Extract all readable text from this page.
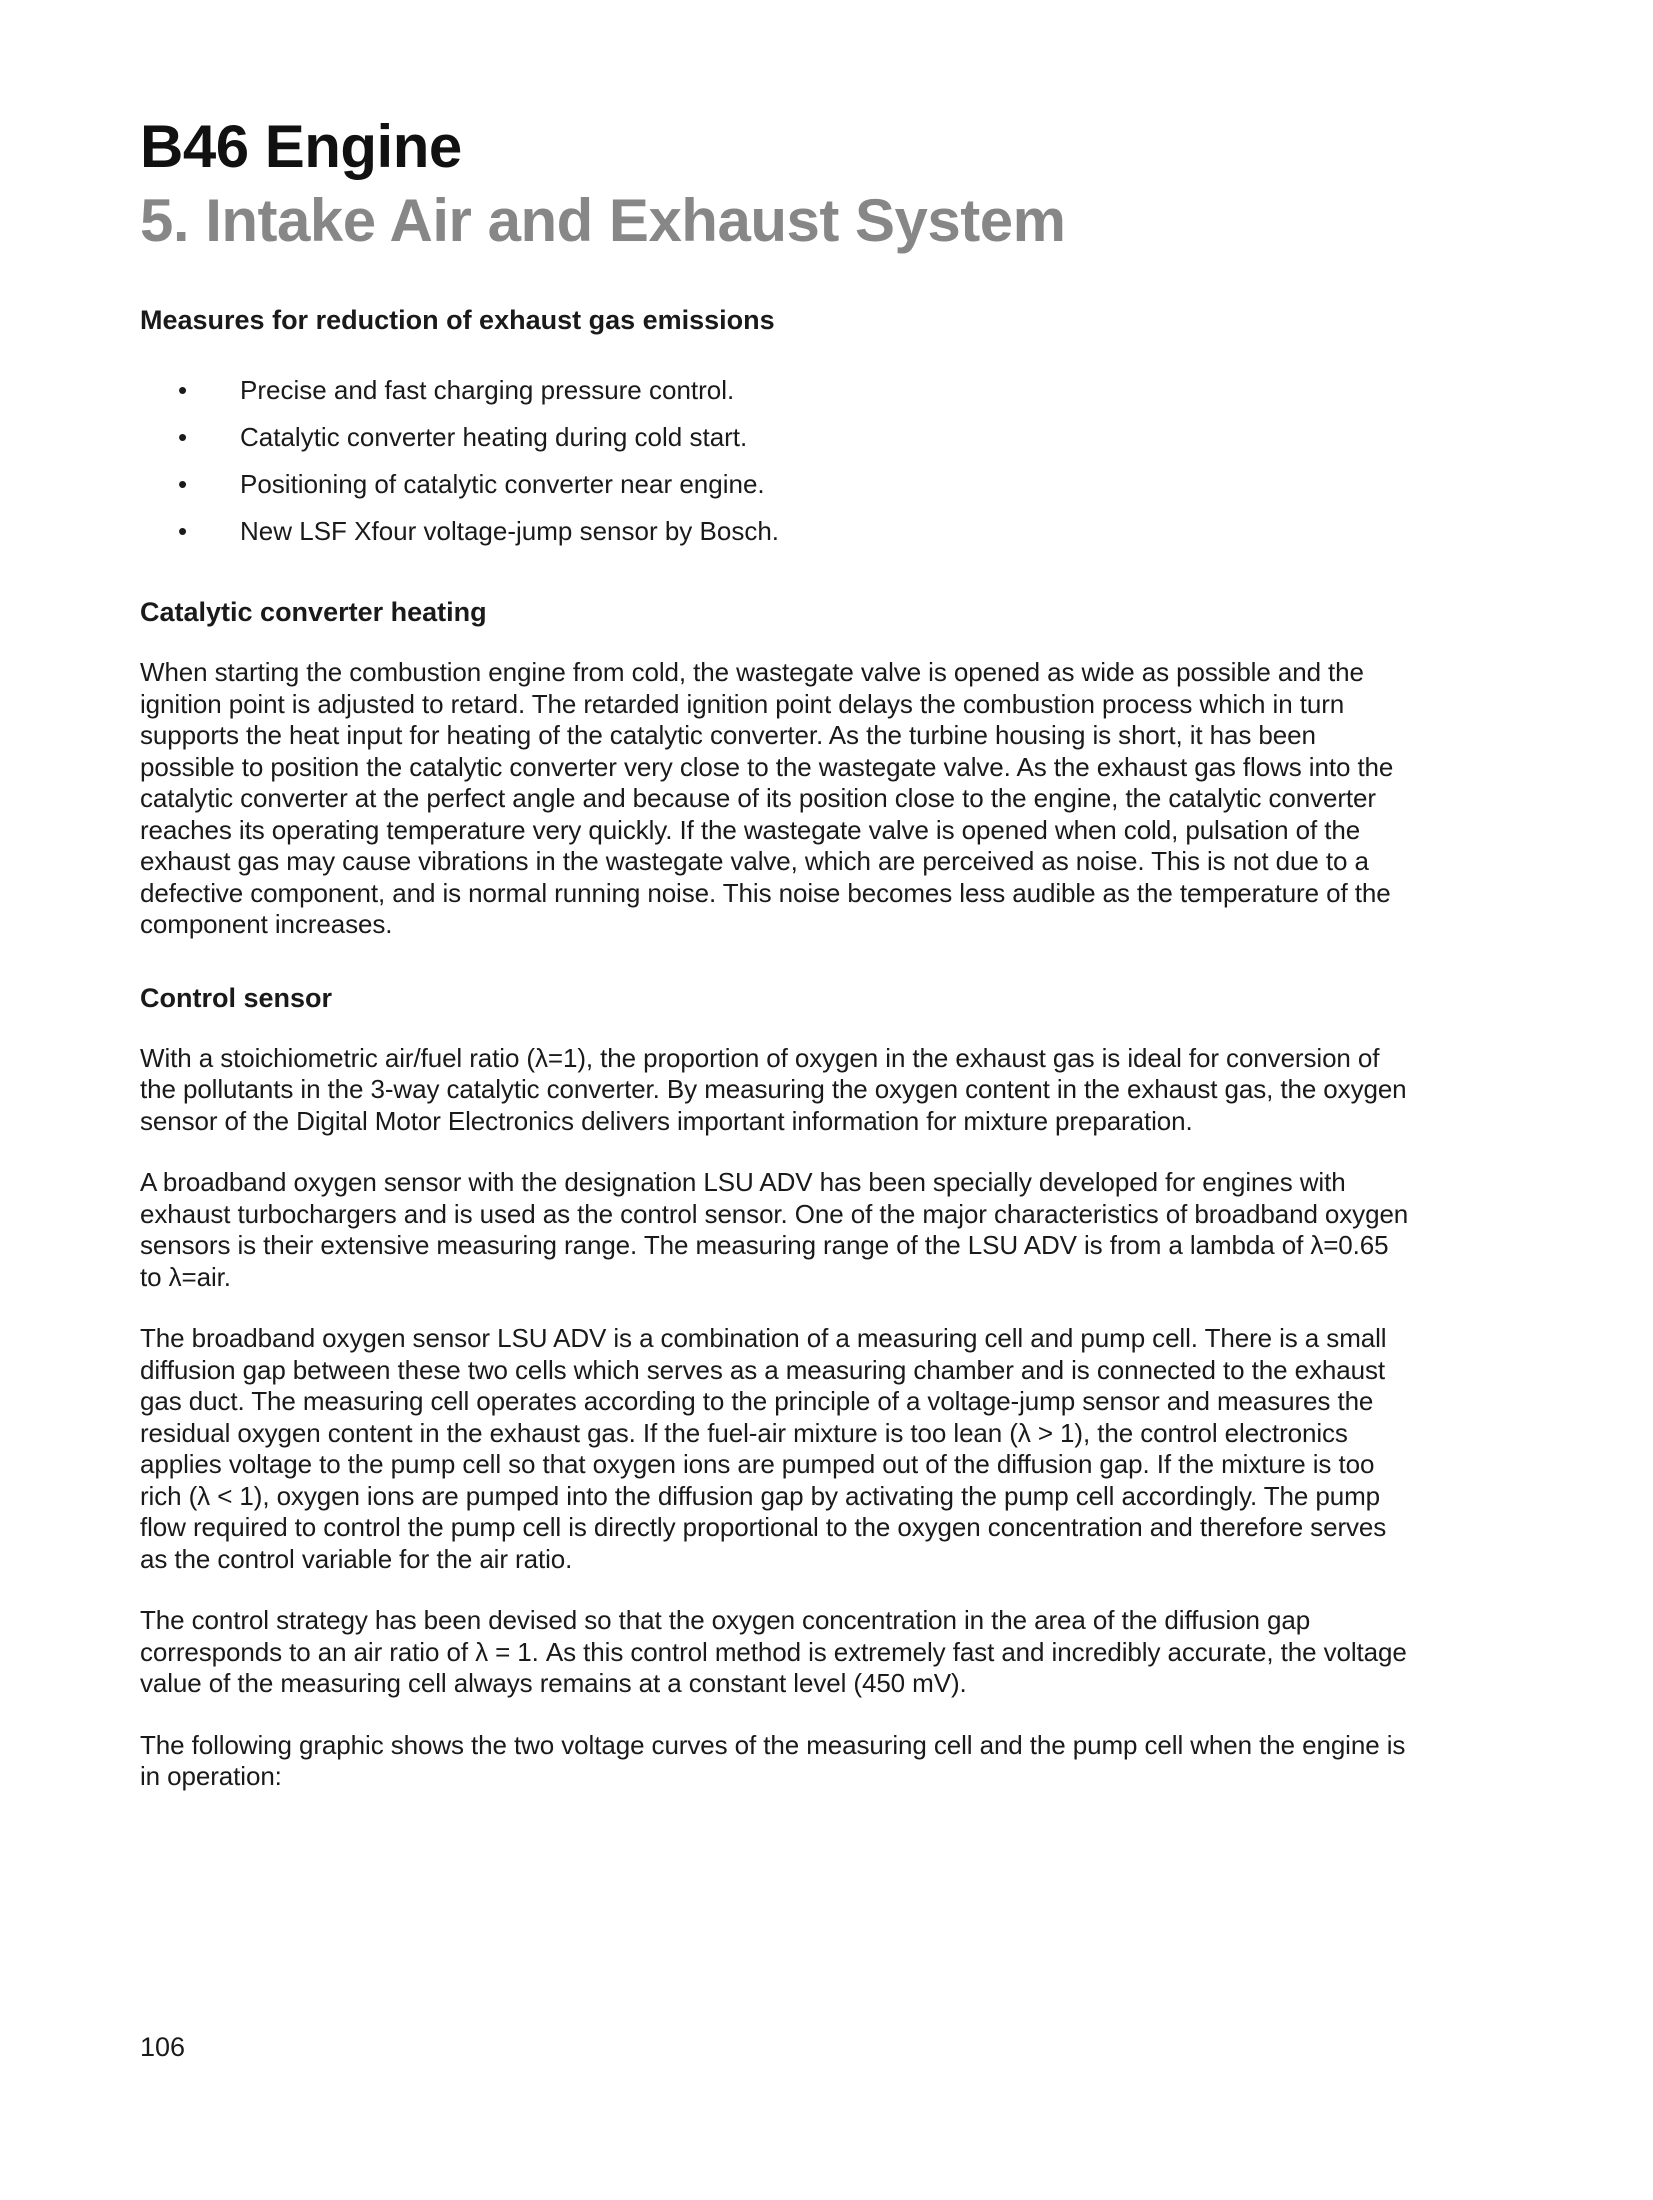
B46 Engine
5. Intake Air and Exhaust System
Measures for reduction of exhaust gas emissions
• Precise and fast charging pressure control.
• Catalytic converter heating during cold start.
• Positioning of catalytic converter near engine.
• New LSF Xfour voltage-jump sensor by Bosch.
Catalytic converter heating

When starting the combustion engine from cold, the wastegate valve is opened as wide as possible and the ignition point is adjusted to retard. The retarded ignition point delays the combustion process which in turn supports the heat input for heating of the catalytic converter. As the turbine housing is short, it has been possible to position the catalytic converter very close to the wastegate valve. As the exhaust gas flows into the catalytic converter at the perfect angle and because of its position close to the engine, the catalytic converter reaches its operating temperature very quickly. If the wastegate valve is opened when cold, pulsation of the exhaust gas may cause vibrations in the wastegate valve, which are perceived as noise. This is not due to a defective component, and is normal running noise. This noise becomes less audible as the temperature of the component increases.

Control sensor

With a stoichiometric air/fuel ratio (λ=1), the proportion of oxygen in the exhaust gas is ideal for conversion of the pollutants in the 3-way catalytic converter. By measuring the oxygen content in the exhaust gas, the oxygen sensor of the Digital Motor Electronics delivers important information for mixture preparation.

A broadband oxygen sensor with the designation LSU ADV has been specially developed for engines with exhaust turbochargers and is used as the control sensor. One of the major characteristics of broadband oxygen sensors is their extensive measuring range. The measuring range of the LSU ADV is from a lambda of λ=0.65 to λ=air.

The broadband oxygen sensor LSU ADV is a combination of a measuring cell and pump cell. There is a small diffusion gap between these two cells which serves as a measuring chamber and is connected to the exhaust gas duct. The measuring cell operates according to the principle of a voltage-jump sensor and measures the residual oxygen content in the exhaust gas. If the fuel-air mixture is too lean (λ > 1), the control electronics applies voltage to the pump cell so that oxygen ions are pumped out of the diffusion gap. If the mixture is too rich (λ < 1), oxygen ions are pumped into the diffusion gap by activating the pump cell accordingly. The pump flow required to control the pump cell is directly proportional to the oxygen concentration and therefore serves as the control variable for the air ratio.

The control strategy has been devised so that the oxygen concentration in the area of the diffusion gap corresponds to an air ratio of λ = 1. As this control method is extremely fast and incredibly accurate, the voltage value of the measuring cell always remains at a constant level (450 mV).

The following graphic shows the two voltage curves of the measuring cell and the pump cell when the engine is in operation:

106
